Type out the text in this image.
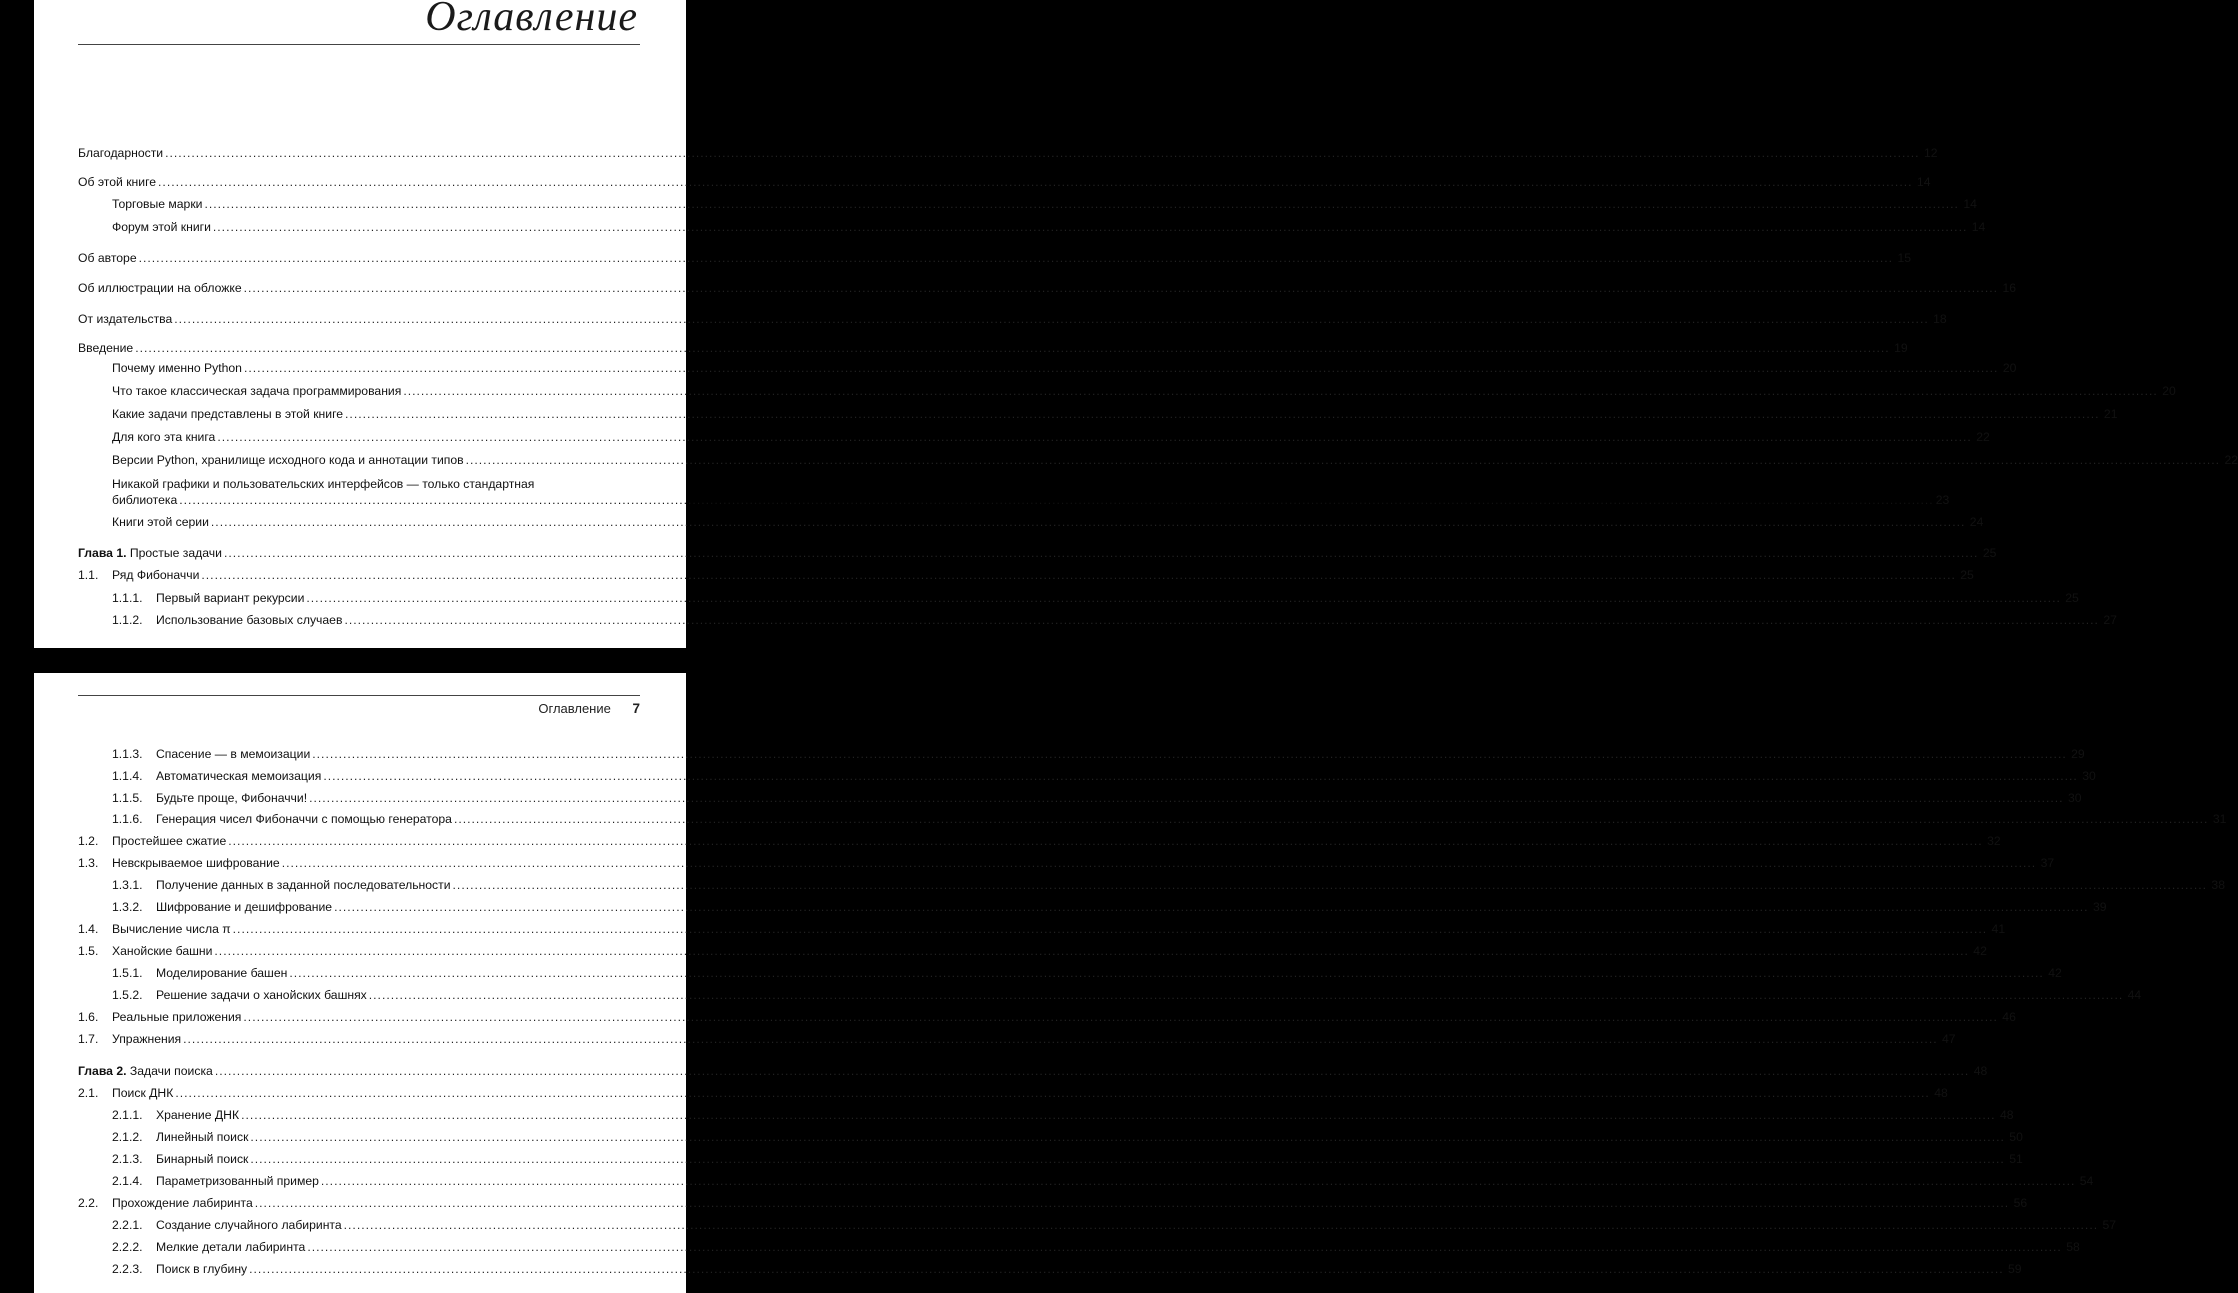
Оглавление
Благодарности ................................................................................................................................................................................................................................................................................................................................................................................................................ 12
Об этой книге ................................................................................................................................................................................................................................................................................................................................................................................................................ 14
Торговые марки ................................................................................................................................................................................................................................................................................................................................................................................................................ 14
Форум этой книги ................................................................................................................................................................................................................................................................................................................................................................................................................ 14
Об авторе ................................................................................................................................................................................................................................................................................................................................................................................................................ 15
Об иллюстрации на обложке ................................................................................................................................................................................................................................................................................................................................................................................................................ 16
От издательства ................................................................................................................................................................................................................................................................................................................................................................................................................ 18
Введение ................................................................................................................................................................................................................................................................................................................................................................................................................ 19
Почему именно Python ................................................................................................................................................................................................................................................................................................................................................................................................................ 20
Что такое классическая задача программирования ................................................................................................................................................................................................................................................................................................................................................................................................................ 20
Какие задачи представлены в этой книге ................................................................................................................................................................................................................................................................................................................................................................................................................ 21
Для кого эта книга ................................................................................................................................................................................................................................................................................................................................................................................................................ 22
Версии Python, хранилище исходного кода и аннотации типов ................................................................................................................................................................................................................................................................................................................................................................................................................ 22
Никакой графики и пользовательских интерфейсов — только стандартная
библиотека ................................................................................................................................................................................................................................................................................................................................................................................................................ 23
Книги этой серии ................................................................................................................................................................................................................................................................................................................................................................................................................ 24
Глава 1. Простые задачи ................................................................................................................................................................................................................................................................................................................................................................................................................ 25
1.1.	Ряд Фибоначчи ................................................................................................................................................................................................................................................................................................................................................................................................................ 25
1.1.1.	Первый вариант рекурсии ................................................................................................................................................................................................................................................................................................................................................................................................................ 25
1.1.2.	Использование базовых случаев ................................................................................................................................................................................................................................................................................................................................................................................................................ 27
Оглавление 7
1.1.3.	Спасение — в мемоизации ................................................................................................................................................................................................................................................................................................................................................................................................................ 29
1.1.4.	Автоматическая мемоизация ................................................................................................................................................................................................................................................................................................................................................................................................................ 30
1.1.5.	Будьте проще, Фибоначчи! ................................................................................................................................................................................................................................................................................................................................................................................................................ 30
1.1.6.	Генерация чисел Фибоначчи с помощью генератора ................................................................................................................................................................................................................................................................................................................................................................................................................ 31
1.2.	Простейшее сжатие ................................................................................................................................................................................................................................................................................................................................................................................................................ 32
1.3.	Невскрываемое шифрование ................................................................................................................................................................................................................................................................................................................................................................................................................ 37
1.3.1.	Получение данных в заданной последовательности ................................................................................................................................................................................................................................................................................................................................................................................................................ 38
1.3.2.	Шифрование и дешифрование ................................................................................................................................................................................................................................................................................................................................................................................................................ 39
1.4.	Вычисление числа π ................................................................................................................................................................................................................................................................................................................................................................................................................ 41
1.5.	Ханойские башни ................................................................................................................................................................................................................................................................................................................................................................................................................ 42
1.5.1.	Моделирование башен ................................................................................................................................................................................................................................................................................................................................................................................................................ 42
1.5.2.	Решение задачи о ханойских башнях ................................................................................................................................................................................................................................................................................................................................................................................................................ 44
1.6.	Реальные приложения ................................................................................................................................................................................................................................................................................................................................................................................................................ 46
1.7.	Упражнения ................................................................................................................................................................................................................................................................................................................................................................................................................ 47
Глава 2. Задачи поиска ................................................................................................................................................................................................................................................................................................................................................................................................................ 48
2.1.	Поиск ДНК ................................................................................................................................................................................................................................................................................................................................................................................................................ 48
2.1.1.	Хранение ДНК ................................................................................................................................................................................................................................................................................................................................................................................................................ 48
2.1.2.	Линейный поиск ................................................................................................................................................................................................................................................................................................................................................................................................................ 50
2.1.3.	Бинарный поиск ................................................................................................................................................................................................................................................................................................................................................................................................................ 51
2.1.4.	Параметризованный пример ................................................................................................................................................................................................................................................................................................................................................................................................................ 54
2.2.	Прохождение лабиринта ................................................................................................................................................................................................................................................................................................................................................................................................................ 56
2.2.1.	Создание случайного лабиринта ................................................................................................................................................................................................................................................................................................................................................................................................................ 57
2.2.2.	Мелкие детали лабиринта ................................................................................................................................................................................................................................................................................................................................................................................................................ 58
2.2.3.	Поиск в глубину ................................................................................................................................................................................................................................................................................................................................................................................................................ 59
